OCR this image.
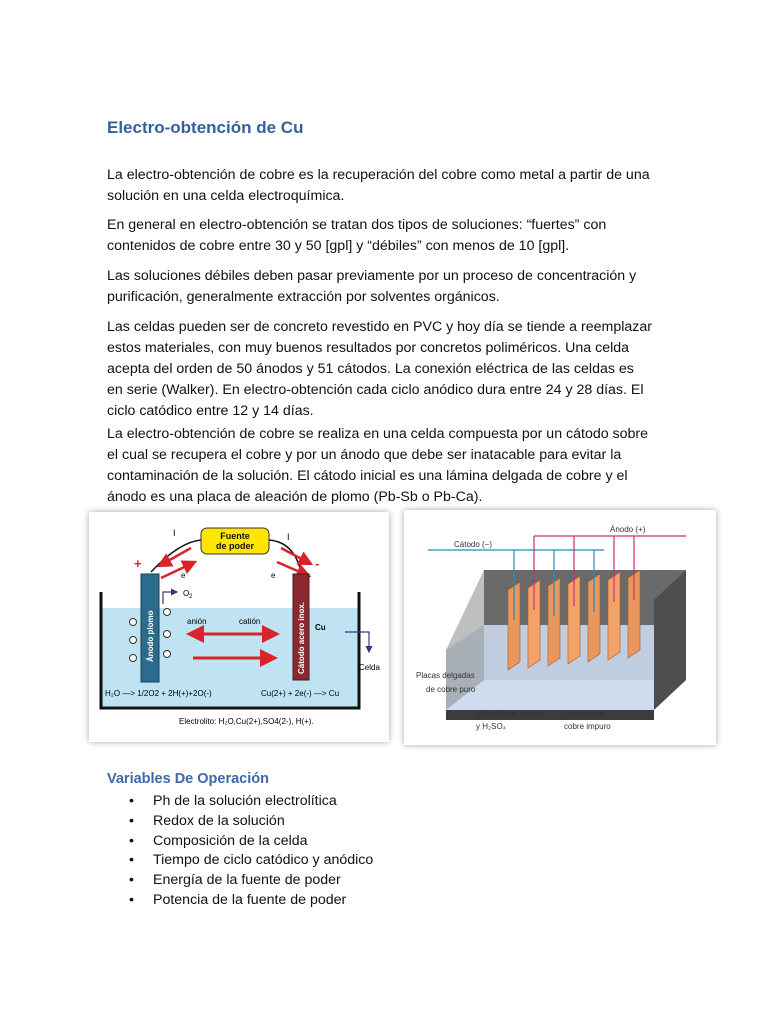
Electro-obtención de Cu

La electro-obtención de cobre es la recuperación del cobre como metal a partir de una solución en una celda electroquímica.

En general en electro-obtención se tratan dos tipos de soluciones: “fuertes” con contenidos de cobre entre 30 y 50 [gpl] y “débiles” con menos de 10 [gpl].

Las soluciones débiles deben pasar previamente por un proceso de concentración y purificación, generalmente extracción por solventes orgánicos.

Las celdas pueden ser de concreto revestido en PVC y hoy día se tiende a reemplazar estos materiales, con muy buenos resultados por concretos poliméricos. Una celda acepta del orden de 50 ánodos y 51 cátodos. La conexión eléctrica de las celdas es en serie (Walker). En electro-obtención cada ciclo anódico dura entre 24 y 28 días. El ciclo catódico entre 12 y 14 días.

La electro-obtención de cobre se realiza en una celda compuesta por un cátodo sobre el cual se recupera el cobre y por un ánodo que debe ser inatacable para evitar la contaminación de la solución. El cátodo inicial es una lámina delgada de cobre y el ánodo es una placa de aleación de plomo (Pb-Sb o Pb-Ca).

Fuente
de poder
I	I
e	e
+	-
Ánodo plomo
O 2
Cátodo acero inox. Cu
anión	catión
Celda
H₂O —> 1/2O2 + 2H(+)+2O(-)	Cu(2+) + 2e(-) —> Cu
Electrolito: H₂O,Cu(2+),SO4(2-), H(+).
Cátodo (−)
Ánodo (+)
Placas delgadas
de cobre puro
Solución de CuSO₄
y H₂SO₄
Lingotes de
cobre impuro
Variables De Operación
• Ph de la solución electrolítica
• Redox de la solución
• Composición de la celda
• Tiempo de ciclo catódico y anódico
• Energía de la fuente de poder
• Potencia de la fuente de poder
